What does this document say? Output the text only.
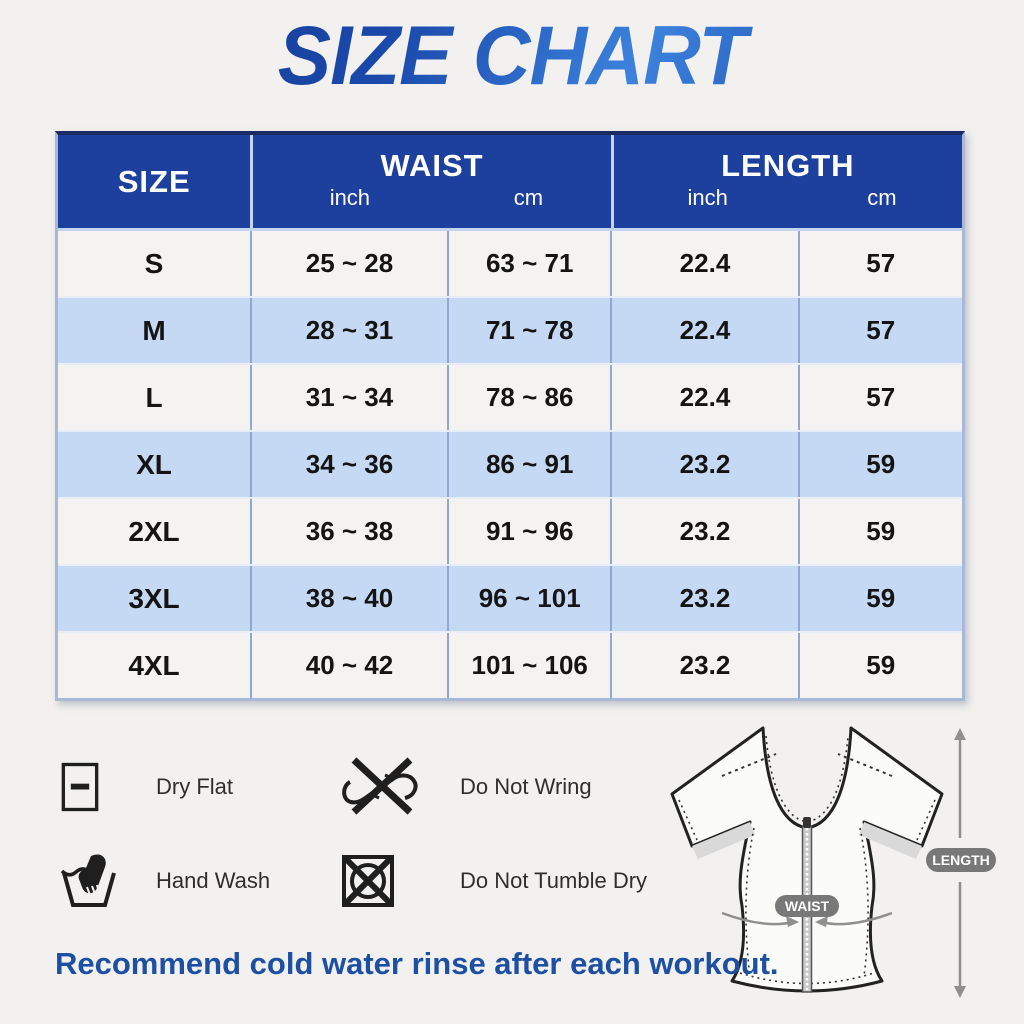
SIZE CHART
SIZE	WAIST
inch	cm
LENGTH
inch	cm
S	25 ~ 28	63 ~ 71	22.4	57
M	28 ~ 31	71 ~ 78	22.4	57
L	31 ~ 34	78 ~ 86	22.4	57
XL	34 ~ 36	86 ~ 91	23.2	59
2XL	36 ~ 38	91 ~ 96	23.2	59
3XL	38 ~ 40	96 ~ 101	23.2	59
4XL	40 ~ 42	101 ~ 106	23.2	59
Dry Flat	Do Not Wring
Hand Wash	Do Not Tumble Dry
WAIST
LENGTH
Recommend cold water rinse after each workout.
